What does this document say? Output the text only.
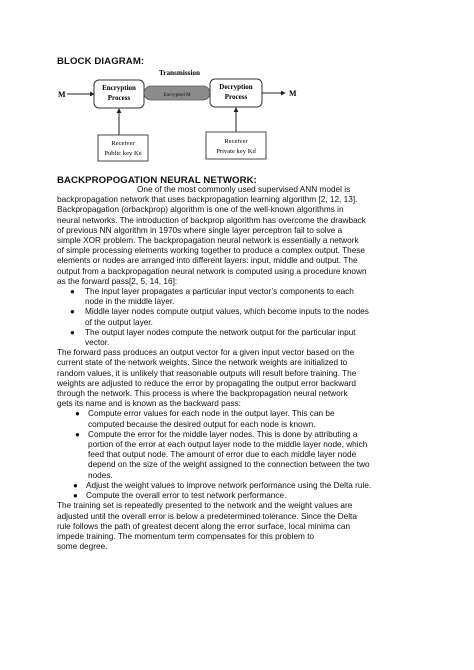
BLOCK DIAGRAM:
Transmission
M
Encryption
Process	Encrypted M
Decryption
Process	M
Receiver
Public key Ke
Receiver
Private key Kd
BACKPROPOGATION NEURAL NETWORK:
One of the most commonly used supervised ANN model is
backpropagation network that uses backpropagation learning algorithm [2, 12, 13].
Backpropagation (orbackprop) algorithm is one of the well-known algorithms in
neural networks. The introduction of backprop algorithm has overcome the drawback
of previous NN algorithm in 1970s where single layer perceptron fail to solve a
simple XOR problem. The backpropagation neural network is essentially a network
of simple processing elements working together to produce a complex output. These
elements or nodes are arranged into different layers: input, middle and output. The
output from a backpropagation neural network is computed using a procedure known
as the forward pass[2, 5, 14, 16]:
●	The input layer propagates a particular input vector’s components to each
node in the middle layer.
●	Middle layer nodes compute output values, which become inputs to the nodes
of the output layer.
●	The output layer nodes compute the network output for the particular input
vector.
The forward pass produces an output vector for a given input vector based on the
current state of the network weights. Since the network weights are initialized to
random values, it is unlikely that reasonable outputs will result before training. The
weights are adjusted to reduce the error by propagating the output error backward
through the network. This process is where the backpropagation neural network
gets its name and is known as the backward pass:
● Compute error values for each node in the output layer. This can be
computed because the desired output for each node is known.
● Compute the error for the middle layer nodes. This is done by attributing a
portion of the error at each output layer node to the middle layer node, which
feed that output node. The amount of error due to each middle layer node
depend on the size of the weight assigned to the connection between the two
nodes.
● Adjust the weight values to improve network performance using the Delta rule.
● Compute the overall error to test network performance.
The training set is repeatedly presented to the network and the weight values are
adjusted until the overall error is below a predetermined tolerance. Since the Delta
rule follows the path of greatest decent along the error surface, local minima can
impede training. The momentum term compensates for this problem to
some degree.
